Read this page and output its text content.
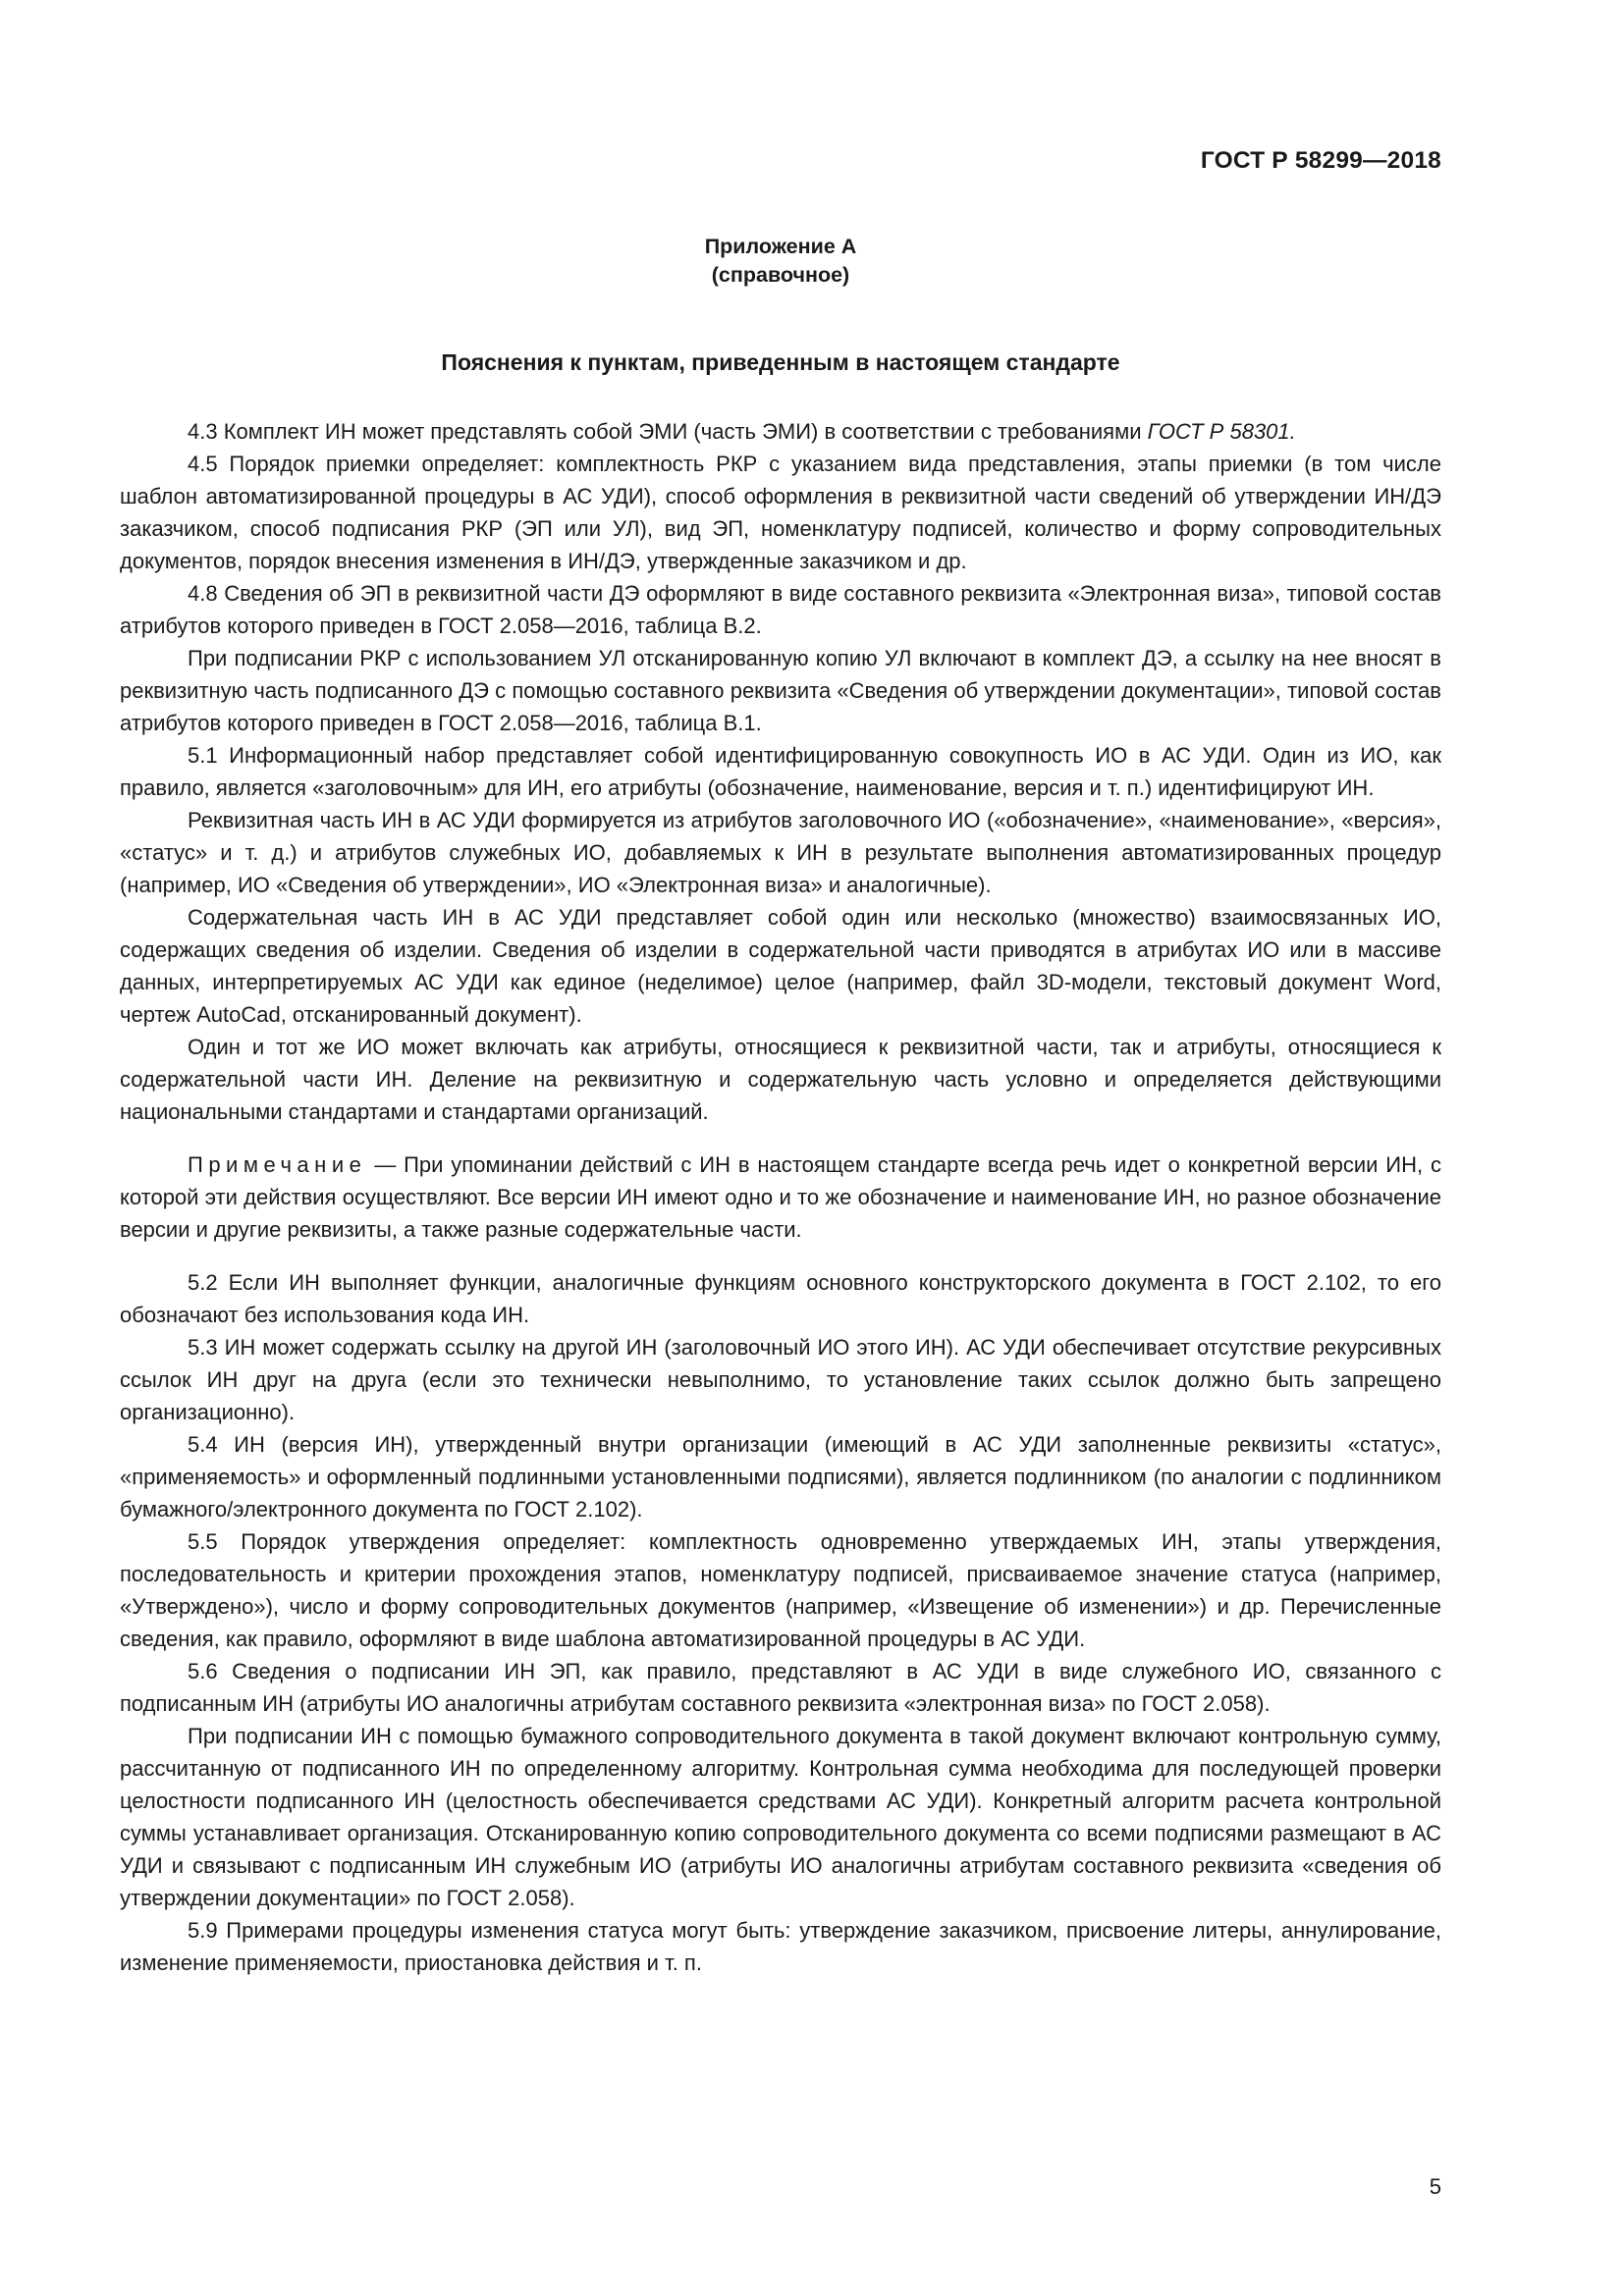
ГОСТ Р 58299—2018
Приложение А
(справочное)
Пояснения к пунктам, приведенным в настоящем стандарте

4.3 Комплект ИН может представлять собой ЭМИ (часть ЭМИ) в соответствии с требованиями ГОСТ Р 58301.

4.5 Порядок приемки определяет: комплектность РКР с указанием вида представления, этапы приемки (в том числе шаблон автоматизированной процедуры в АС УДИ), способ оформления в реквизитной части сведений об утверждении ИН/ДЭ заказчиком, способ подписания РКР (ЭП или УЛ), вид ЭП, номенклатуру подписей, количество и форму сопроводительных документов, порядок внесения изменения в ИН/ДЭ, утвержденные заказчиком и др.

4.8 Сведения об ЭП в реквизитной части ДЭ оформляют в виде составного реквизита «Электронная виза», типовой состав атрибутов которого приведен в ГОСТ 2.058—2016, таблица В.2.

При подписании РКР с использованием УЛ отсканированную копию УЛ включают в комплект ДЭ, а ссылку на нее вносят в реквизитную часть подписанного ДЭ с помощью составного реквизита «Сведения об утверждении документации», типовой состав атрибутов которого приведен в ГОСТ 2.058—2016, таблица В.1.

5.1 Информационный набор представляет собой идентифицированную совокупность ИО в АС УДИ. Один из ИО, как правило, является «заголовочным» для ИН, его атрибуты (обозначение, наименование, версия и т. п.) идентифицируют ИН.

Реквизитная часть ИН в АС УДИ формируется из атрибутов заголовочного ИО («обозначение», «наименование», «версия», «статус» и т. д.) и атрибутов служебных ИО, добавляемых к ИН в результате выполнения автоматизированных процедур (например, ИО «Сведения об утверждении», ИО «Электронная виза» и аналогичные).

Содержательная часть ИН в АС УДИ представляет собой один или несколько (множество) взаимосвязанных ИО, содержащих сведения об изделии. Сведения об изделии в содержательной части приводятся в атрибутах ИО или в массиве данных, интерпретируемых АС УДИ как единое (неделимое) целое (например, файл 3D-модели, текстовый документ Word, чертеж AutoCad, отсканированный документ).

Один и тот же ИО может включать как атрибуты, относящиеся к реквизитной части, так и атрибуты, относящиеся к содержательной части ИН. Деление на реквизитную и содержательную часть условно и определяется действующими национальными стандартами и стандартами организаций.

Примечание — При упоминании действий с ИН в настоящем стандарте всегда речь идет о конкретной версии ИН, с которой эти действия осуществляют. Все версии ИН имеют одно и то же обозначение и наименование ИН, но разное обозначение версии и другие реквизиты, а также разные содержательные части.

5.2 Если ИН выполняет функции, аналогичные функциям основного конструкторского документа в ГОСТ 2.102, то его обозначают без использования кода ИН.

5.3 ИН может содержать ссылку на другой ИН (заголовочный ИО этого ИН). АС УДИ обеспечивает отсутствие рекурсивных ссылок ИН друг на друга (если это технически невыполнимо, то установление таких ссылок должно быть запрещено организационно).

5.4 ИН (версия ИН), утвержденный внутри организации (имеющий в АС УДИ заполненные реквизиты «статус», «применяемость» и оформленный подлинными установленными подписями), является подлинником (по аналогии с подлинником бумажного/электронного документа по ГОСТ 2.102).

5.5 Порядок утверждения определяет: комплектность одновременно утверждаемых ИН, этапы утверждения, последовательность и критерии прохождения этапов, номенклатуру подписей, присваиваемое значение статуса (например, «Утверждено»), число и форму сопроводительных документов (например, «Извещение об изменении») и др. Перечисленные сведения, как правило, оформляют в виде шаблона автоматизированной процедуры в АС УДИ.

5.6 Сведения о подписании ИН ЭП, как правило, представляют в АС УДИ в виде служебного ИО, связанного с подписанным ИН (атрибуты ИО аналогичны атрибутам составного реквизита «электронная виза» по ГОСТ 2.058).

При подписании ИН с помощью бумажного сопроводительного документа в такой документ включают контрольную сумму, рассчитанную от подписанного ИН по определенному алгоритму. Контрольная сумма необходима для последующей проверки целостности подписанного ИН (целостность обеспечивается средствами АС УДИ). Конкретный алгоритм расчета контрольной суммы устанавливает организация. Отсканированную копию сопроводительного документа со всеми подписями размещают в АС УДИ и связывают с подписанным ИН служебным ИО (атрибуты ИО аналогичны атрибутам составного реквизита «сведения об утверждении документации» по ГОСТ 2.058).

5.9 Примерами процедуры изменения статуса могут быть: утверждение заказчиком, присвоение литеры, аннулирование, изменение применяемости, приостановка действия и т. п.

5
